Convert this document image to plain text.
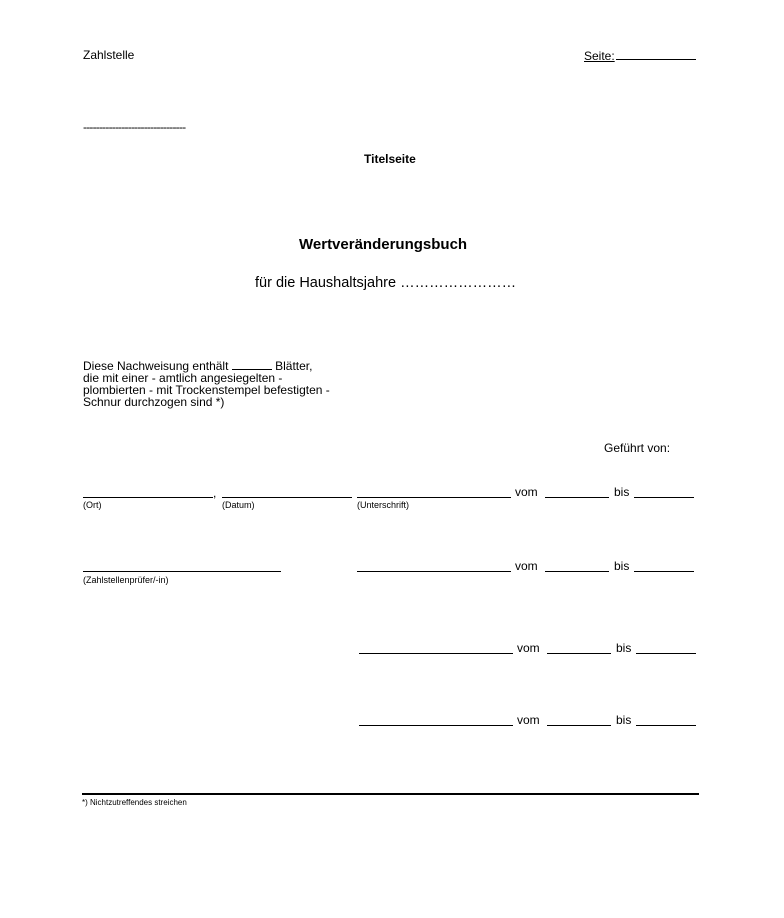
Zahlstelle	Seite:
--------------------------------
Titelseite
Wertveränderungsbuch
für die Haushaltsjahre ……………………
Diese Nachweisung enthält	Blätter,
die mit einer - amtlich angesiegelten -
plombierten - mit Trockenstempel befestigten -
Schnur durchzogen sind *)
Geführt von:
,	vom	bis
(Ort)	(Datum)	(Unterschrift)
(Zahlstellenprüfer/-in)
vom	bis
vom	bis
vom	bis
*) Nichtzutreffendes streichen
